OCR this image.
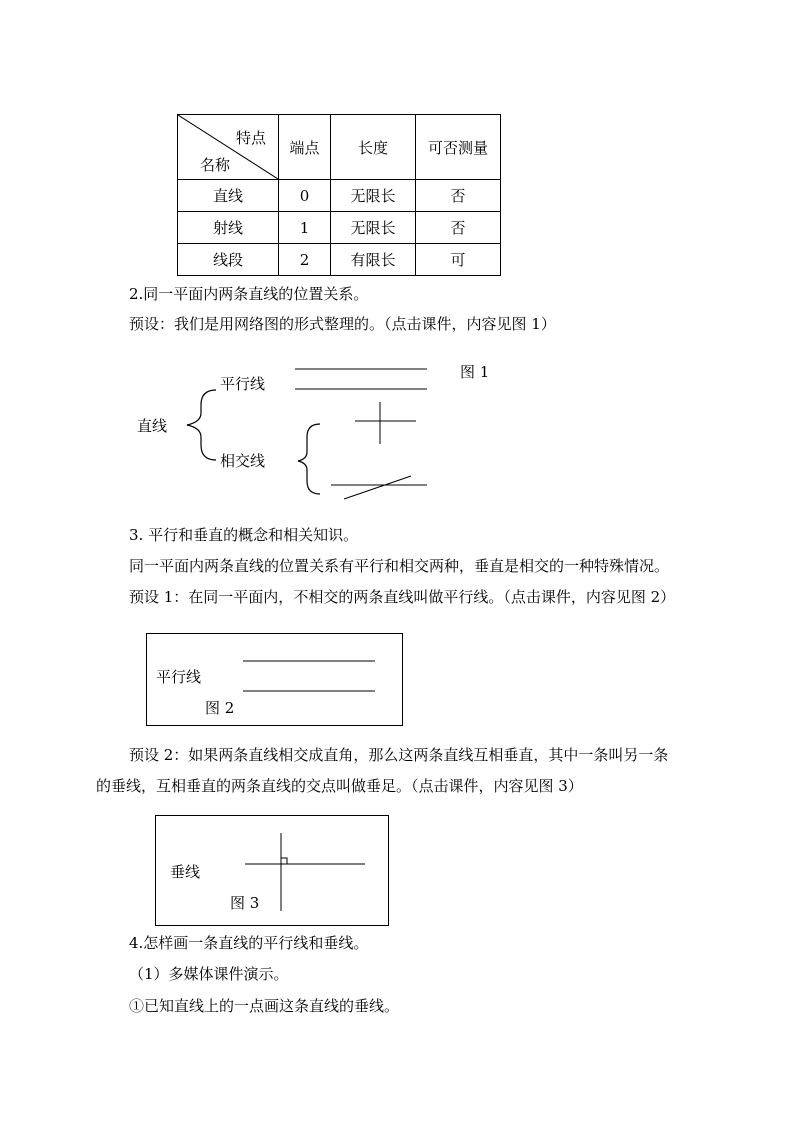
特点
名称	端点	长度	可否测量
直线	0	无限长	否
射线	1	无限长	否
线段	2	有限长	可
2.同一平面内两条直线的位置关系。
预设：我们是用网络图的形式整理的。（点击课件，内容见图 1）
直线
平行线
相交线
图 1
3. 平行和垂直的概念和相关知识。
同一平面内两条直线的位置关系有平行和相交两种，垂直是相交的一种特殊情况。
预设 1：在同一平面内，不相交的两条直线叫做平行线。（点击课件，内容见图 2）
平行线
图 2
预设 2：如果两条直线相交成直角，那么这两条直线互相垂直，其中一条叫另一条
的垂线，互相垂直的两条直线的交点叫做垂足。（点击课件，内容见图 3）
垂线
图 3
4.怎样画一条直线的平行线和垂线。
（1）多媒体课件演示。
①已知直线上的一点画这条直线的垂线。
